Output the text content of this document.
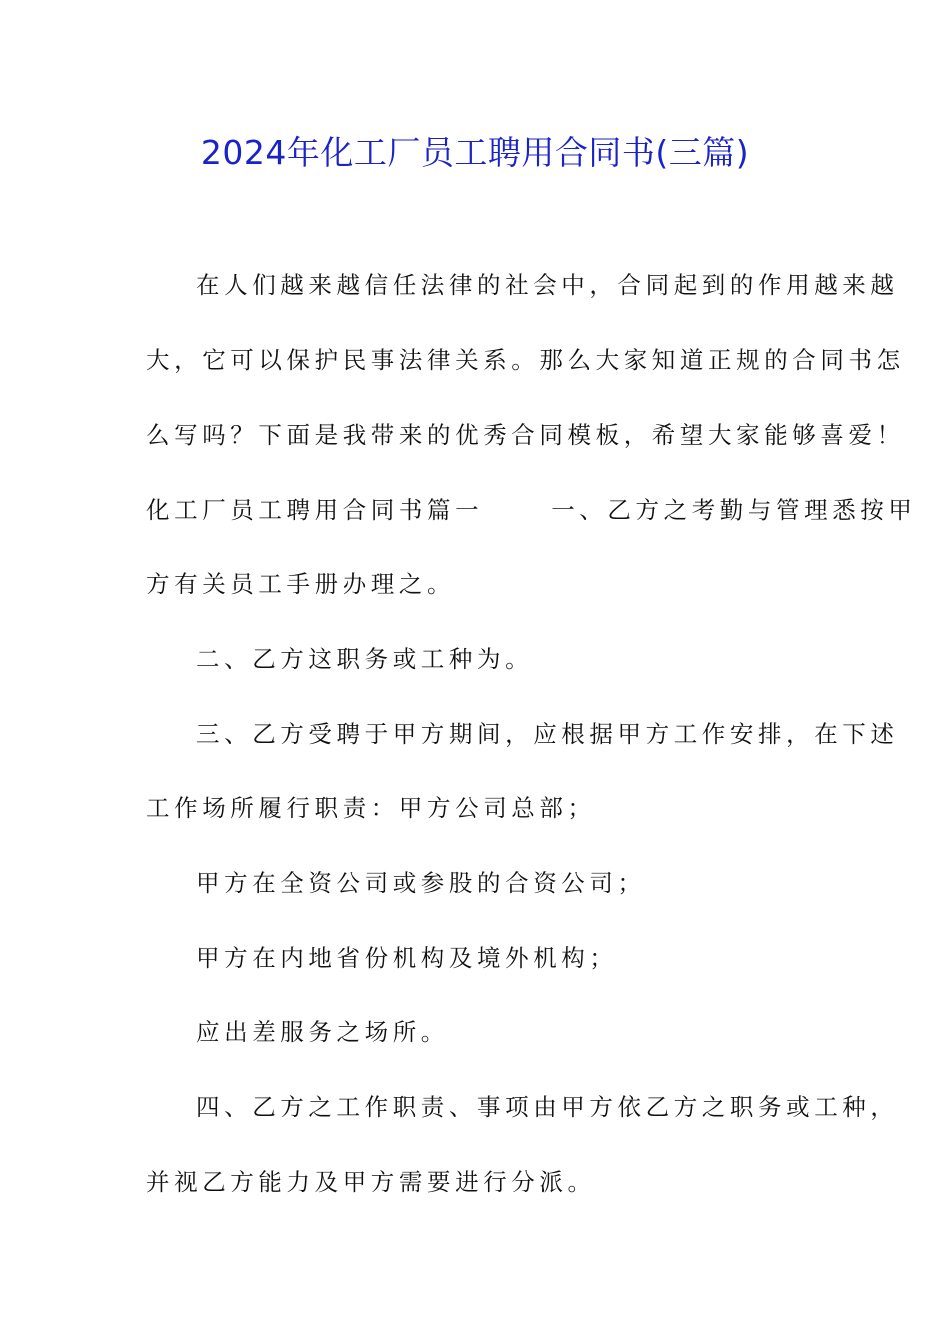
2024年化工厂员工聘用合同书(三篇)
在人们越来越信任法律的社会中，合同起到的作用越来越
大，它可以保护民事法律关系。那么大家知道正规的合同书怎
么写吗？下面是我带来的优秀合同模板，希望大家能够喜爱！
化工厂员工聘用合同书篇一	一、乙方之考勤与管理悉按甲
方有关员工手册办理之。
二、乙方这职务或工种为。
三、乙方受聘于甲方期间，应根据甲方工作安排，在下述
工作场所履行职责：甲方公司总部；
甲方在全资公司或参股的合资公司；
甲方在内地省份机构及境外机构；
应出差服务之场所。
四、乙方之工作职责、事项由甲方依乙方之职务或工种，
并视乙方能力及甲方需要进行分派。
